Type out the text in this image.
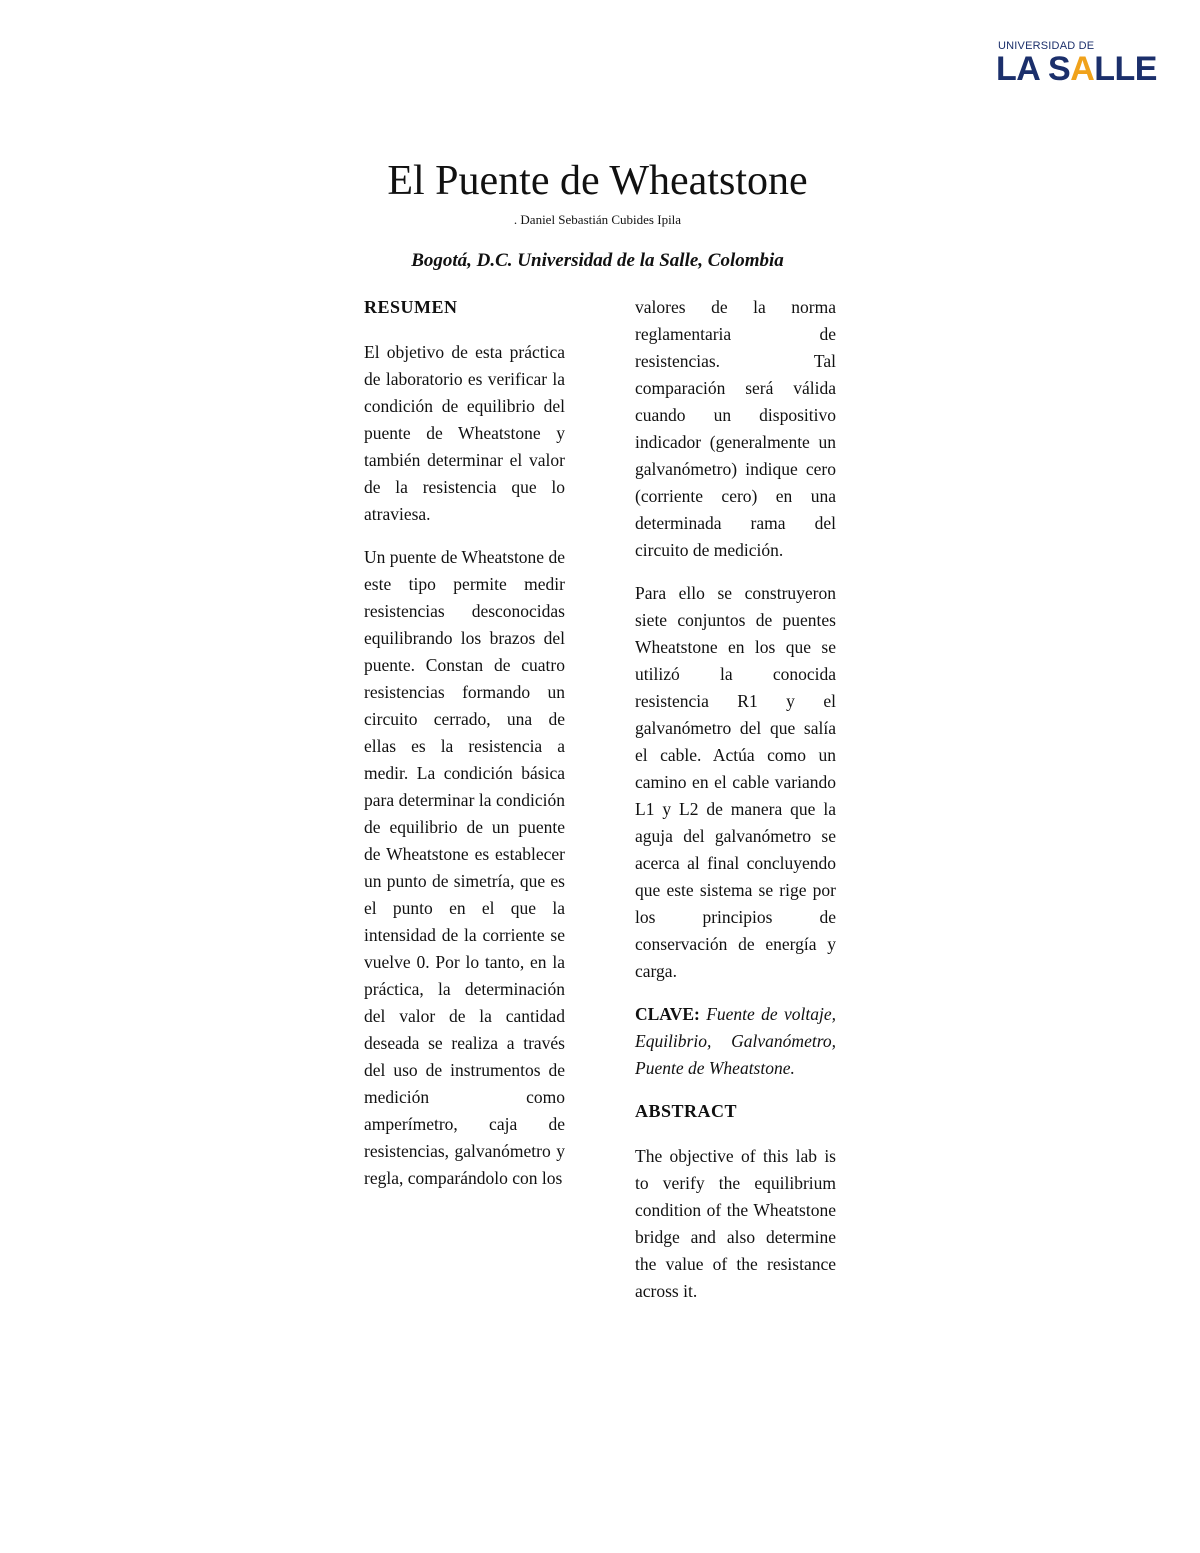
UNIVERSIDAD DE
LA SALLE
El Puente de Wheatstone

. Daniel Sebastián Cubides Ipila

Bogotá, D.C. Universidad de la Salle, Colombia

RESUMEN

El objetivo de esta práctica de laboratorio es verificar la condición de equilibrio del puente de Wheatstone y también determinar el valor de la resistencia que lo atraviesa.

Un puente de Wheatstone de este tipo permite medir resistencias desconocidas equilibrando los brazos del puente. Constan de cuatro resistencias formando un circuito cerrado, una de ellas es la resistencia a medir. La condición básica para determinar la condición de equilibrio de un puente de Wheatstone es establecer un punto de simetría, que es el punto en el que la intensidad de la corriente se vuelve 0. Por lo tanto, en la práctica, la determinación del valor de la cantidad deseada se realiza a través del uso de instrumentos de medición como amperímetro, caja de resistencias, galvanómetro y regla, comparándolo con los

valores de la norma reglamentaria de resistencias. Tal comparación será válida cuando un dispositivo indicador (generalmente un galvanómetro) indique cero (corriente cero) en una determinada rama del circuito de medición.

Para ello se construyeron siete conjuntos de puentes Wheatstone en los que se utilizó la conocida resistencia R1 y el galvanómetro del que salía el cable. Actúa como un camino en el cable variando L1 y L2 de manera que la aguja del galvanómetro se acerca al final concluyendo que este sistema se rige por los principios de conservación de energía y carga.

CLAVE: Fuente de voltaje, Equilibrio, Galvanómetro, Puente de Wheatstone.

ABSTRACT

The objective of this lab is to verify the equilibrium condition of the Wheatstone bridge and also determine the value of the resistance across it.
